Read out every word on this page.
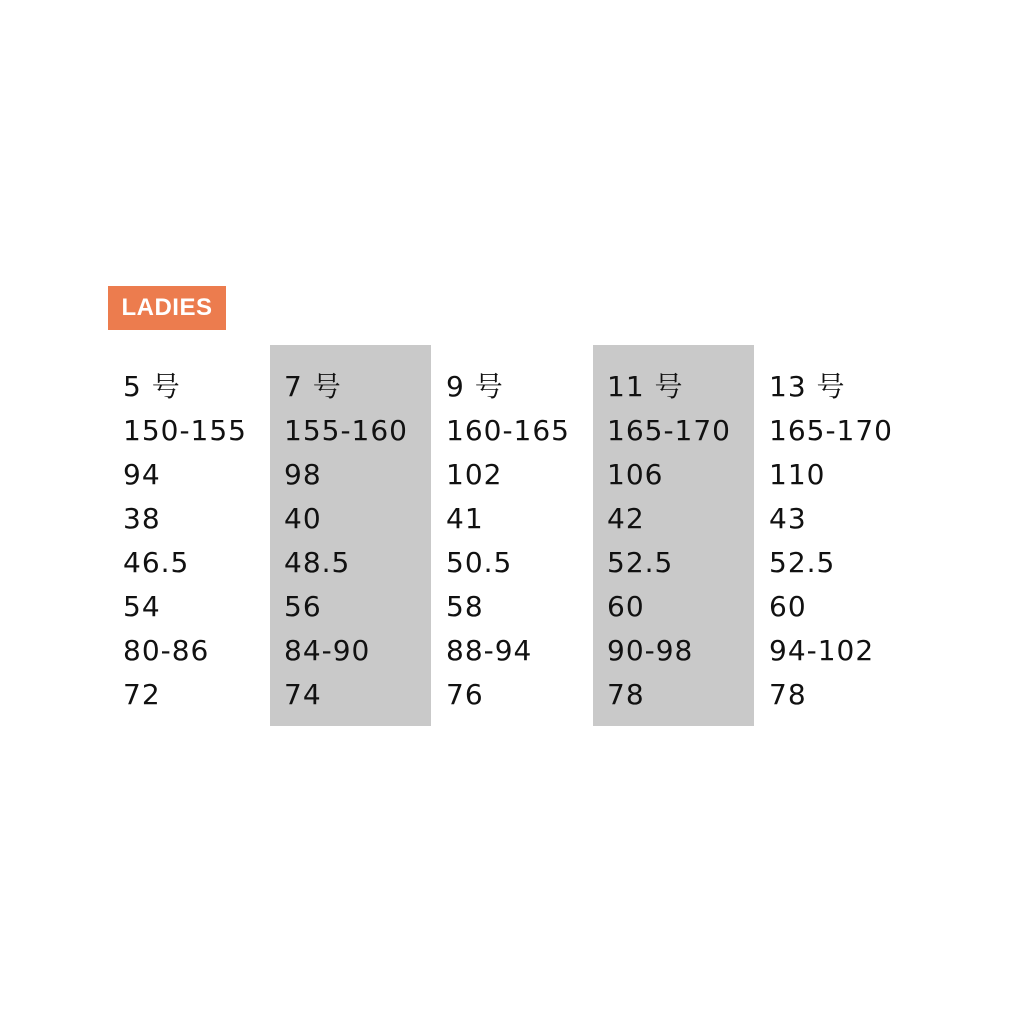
LADIES
5 号
150-155
94
38
46.5
54
80-86
72
7 号
155-160
98
40
48.5
56
84-90
74
9 号
160-165
102
41
50.5
58
88-94
76
11 号
165-170
106
42
52.5
60
90-98
78
13 号
165-170
110
43
52.5
60
94-102
78
